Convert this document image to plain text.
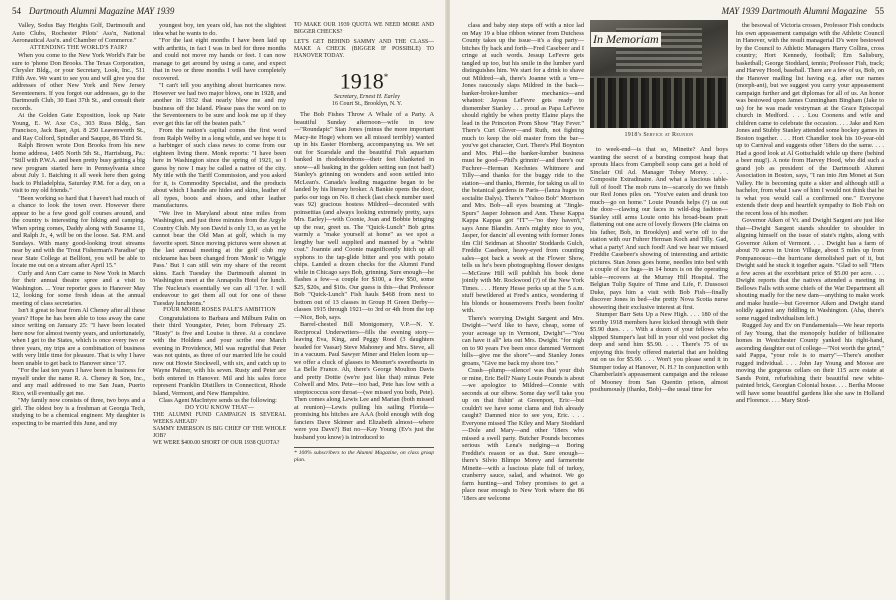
54 Dartmouth Alumni Magazine MAY 1939

Valley, Sodus Bay Heights Golf, Dartmouth and Auto Clubs, Rochester Pilots' Ass'n, National Aeronautical Ass'n. and Chamber of Commerce."

ATTENDING THE WORLD'S FAIR?

When you come to the New York World's Fair be sure to 'phone Don Brooks. The Texas Corporation, Chrysler Bldg., or your Secretary, Look, Inc., 511 Fifth Ave. We want to see you and will give you the addresses of other New York and New Jersey Seventeeners. If you forgot our addresses, go to the Dartmouth Club, 30 East 37th St., and consult their records.

At the Golden Gate Exposition, look up Nate Young, E. W. Axe Co., 303 Russ Bldg., San Francisco, Jack Baer, Apt. 8 250 Leavenworth St., and Ray Colford, Spindler and Sauppe, 86 Third St.

Ralph Brown wrote Don Brooks from his new home address, 1405 North 5th St., Harrisburg, Pa.: "Still with P.W.A. and been pretty busy getting a big new program started here in Pennsylvania since about July 1. Batching it all week here then going back to Philadelphia, Saturday P.M. for a day, on a visit to my old friends."

"Been working so hard that I haven't had much of a chance to look the town over. However there appear to be a few good golf courses around, and the country is interesting for hiking and camping. When spring comes, Daddy along with Susanne 11, and Ralph Jr., 4, will be on the loose. Sat. P.M. and Sundays. With many good-looking trout streams near by and with the 'Trout Fisherman's Paradise' up near State College at Bellfont, you will be able to locate me out on a stream after April 15."

Curly and Ann Carr came to New York in March for their annual theatre spree and a visit to Washington. ... Your reporter goes to Hanover May 12, looking for some fresh ideas at the annual meeting of class secretaries.

Isn't it great to hear from Al Cheney after all these years? Hope he has been able to toss away the cane since writing on January 25: "I have been located here now for almost twenty years, and unfortunately, when I get to the States, which is once every two or three years, my trips are a combination of business with very little time for pleasure. That is why I have been unable to get back to Hanover since '17.

"For the last ten years I have been in business for myself under the name R. A. Cheney & Son, Inc., and any mail addressed to me San Juan, Puerto Rico, will eventually get me.

"My family now consists of three, two boys and a girl. The oldest boy is a freshman at Georgia Tech, studying to be a chemical engineer. My daughter is expecting to be married this June, and my

youngest boy, ten years old, has not the slightest idea what he wants to do.

"For the last eight months I have been laid up with arthritis, in fact I was in bed for three months and could not move my hands or feet. I can now manage to get around by using a cane, and expect that in two or three months I will have completely recovered.

"I can't tell you anything about hurricanes now. However we had two major blows, one in 1928, and another in 1932 that nearly blew me and my business off the Island. Please pass the word on to the Seventeeners to be sure and look me up if they ever get this far off the beaten path."

From the nation's capital comes the first word from Ralph Welby in a long while, and we hope it is a harbinger of such class news to come from our eighteen living there. Monk reports: "I have been here in Washington since the spring of 1921, so I guess by now I may be called a native of the city. My title with the Tariff Commission, and you asked for it, is Commodity Specialist, and the products about which I handle are hides and skins, leather of all types, boots and shoes, and other leather manufactures.

"We live in Maryland about nine miles from Washington, and just three minutes from the Argyle Country Club. My son David is only 13, so as yet he cannot bear the Old Man at golf, which is my favorite sport. Since moving pictures were shown at the last annual meeting at the golf club my nickname has been changed from 'Monk' to 'Wiggle Pass.' But I can still win my share of the recent skins. Each Tuesday the Dartmouth alumni in Washington meet at the Annapolis Hotel for lunch. The Nucleus's essentially we can all '17er. I will endeavour to get them all out for one of these Tuesday luncheons."

FOUR MORE ROSES PALE'S AMBITION

Congratulations to Barbara and Milburn Palin on their third Youngster, Peter, born February 25. "Rusty" is five and Louise is three. At a conclave with the Holdens and your scribe one March evening in Providence, Mil was regretful that Peter was not quints, as three of our married life he could now out Howie Stockwell, with six, and catch up to Wayne Palmer, with his seven. Rusty and Peter are both entered in Hanover. Mil and his sales force represent Franklin Distillers in Connecticut, Rhode Island, Vermont, and New Hampshire.

Class Agent MacIntyre sends us the following:

DO YOU KNOW THAT—

THE ALUMNI FUND CAMPAIGN IS SEVERAL WEEKS AHEAD?

SAMMY EMERSON IS BIG CHIEF OF THE WHOLE JOB?

WE WERE $400.00 SHORT OF OUR 1938 QUOTA?

TO MAKE OUR 1939 QUOTA WE NEED MORE AND BIGGER CHECKS?

LET'S GET BEHIND SAMMY AND THE CLASS—MAKE A CHECK (BIGGER IF POSSIBLE) TO HANOVER TODAY.

1918*

Secretary, Ernest H. Earley
16 Court St., Brooklyn, N. Y.

The Bob Fishes Throw A Whale of a Party. A beautiful Sunday afternoon—wife in tow—"Roundapic" Stan Jones (minus the more important Macy-ite Hoge) whom we all missed terribly) wanted up in his Easter Hornberg, accompanying us. We set out for Scarsdale and the beautiful Fish aquarium banked in rhododendrons—their feet blanketed in snow—all basking in the golden setting sun (not bad!) Stanley's grinning on wonders and soon settled into McLean's. Canada's leading magazine began to be landed by his literary broker. A Bankie opens the door, parks our togs on No. 8 check (last check number used was 92) gracious hostess Mildred—decorated with poinsettias (and always looking extremely pretty, says Mrs. Earley)—with Coonie, Joan and Bobbie bringing up the rear, greet us. The "Quick-Lunch" Bob grins warmly a "make yourself at home" as we spot a lengthy bar well supplied and manned by a "white coat." Joannie and Coonie magnificently hitch up all syphons to the tap-glide bitter and you with potato chips. Landed a dozen checks for the Alumni Fund while in Chicago says Bob, grinning. Sure enough—he flashes a few—a couple for $100, a few $50, some $25, $20s, and $10s. Our guess is this—that Professor Bob "Quick-Lunch" Fish hauls $468 from next to bottom out of 13 classes in Group H Green Derby—classes 1915 through 1921—to 3rd or 4th from the top—Nice, Bob, says.

Barrel-chested Bill Montgomery, V.P.—N. Y. Reciprocal Underwriters—fills the evening story—leaving Eva, King, and Peggy Rood (3 daughters headed for Vassar) Steve Mahoney and Mrs. Steve, all in a vacuum. Paul Sawyer Miner and Helen loom up—we offer a cluck of glasses to Mesmer's sweethearts in La Belle France. Ah, there's George Moulton Davis and pretty Dottie (we're just like that) minus Pete Colwell and Mrs. Pete—too bad, Pete has low with a streptococcus sore throat—(we missed you both, Pete). Then comes along Lewis Lee and Marian (both missed at reunion)—Lewis pulling his sailing Florida—promising his hitches are AAA (bold enough with dog fanciers Dave Skinner and Elizabeth almost—where were you Dave?) But no—Kay Young (Ev's just the husband you know) is introduced to

* 100% subscribers to the Alumni Magazine, on class group plan.
MAY 1939 Dartmouth Alumni Magazine 55

class and baby step steps off with a nice lad on May 19 a blue ribbon winner from Dutchess County takes up the issue—it's a dog party—bitches fly back and forth—Fred Casebeer and I cringe at such words. Jessup LeFevre gets tangled up too, but his smile in the lumber yard distinguishes him. We start for a drink to shave out Mildred—ah, there's Joanne with a 'em—Jones raucously slaps Mildred in the back—banker-broker-lumber mechanics—and whatnot: Jaysus LeFevre gets ready to dismember Stanley . . . proud as Papa LeFevre should rightly be when pretty Elaine plays the lead in the Princeton Prom Show "Hay Fever." There's Curt Glover—and Ruth, not fighting much to keep the old master from the bar—you've got character, Curt. There's Phil Boynton and Mrs. Phil—the banker-lumber business must be good—Phil's grinnin'—and there's our Fuchrer—Herman Kechnies Whitmore and Tilly—and thanks for the buggy ride to the station—and thanks, Hermie, for taking us all to the botanical gardens in Paris—(lanza huges to socialite Dalys). There's "Yahoo Bob" Morrison and Mrs. Bob—all eyes beaming at "Jingle-Spurs" Jasper Johnson and Ann. These Kappa Kappa Kappas got "IT"—"no they haven't," says Anne Blandin. Ann's mighty nice to you, Jasper, for dancin' all evening with former Jones ilm Clif Seidman at Shootin' Stoddards Gulch, Freddie Casebeer, heavy-eyed from counting sales—got back a week at the Flower Show, tells us he's been photographing flower designs—McGraw Hill will publish his book done jointly with Mr. Rockwood (?) of the New York Times. . . . Henry Hesse perks up at the 5 a.m. stuff bewildered at Fred's antics, wondering if his blonds or housemovers Fred's been foolin' with.

There's worrying Dwight Sargent and Mrs. Dwight—"we'd like to have, cheap, some of your acreage up in Vermont, Dwight"—"You can have it all" lets out Mrs. Dwight. "for nigh on to 90 years I've been once dammed Vermont hills—give me the shore"—and Stanley Jones groans, "Give me back my shore too."

Crash—plump—silence! was that your dish or mine, Eric Bell? Nasty Louie Pounds is about—we apologize to Mildred—Connie with seconds at our elbow. Some day we'll take you up on that fishin' at Greenport, Eric—but couldn't we have some clams and fish already caught? Damned nice to see you, Eric. . . . Everyone missed The Kiley and Mary Stoddard—Dole and Mary—and other '18ers who missed a swell party. Butcher Pounds becomes serious with Lena's nudging—a Boring Freddie's reason or as that. Sure enough—there's Silvio Blimpo Morey and farmerette Minette—with a luscious plate full of turkey, cranberry sauce, salad, and whatnot. We go farm hunting—and Tobey promises to get a place near enough to New York where the 86 '18ers are welcome

1918's Service at Reunion

to week-end—is that so, Minette? And boys wanting the secret of a bursting compost heap that sprouts lilacs from Campbell soup cans get a hold of Sinclair Oil Ad. Manager Tobey Morey. . . . Composite Extradinaire. And what a luscious table-full of food! The mob runs in—scarcely do we finish our Red Jones piles on. "You've eaten and drunk too much—go on home." Louie Pounds helps (?) us out the door—clawing our faces in wild-dog fashion—Stanley still arms Louie onto his broad-beam pratt flattening out one acre of lovely flowers (He claims on his father, Bob, in Brooklyn) and we're off to the station with our Fuhrer Herman Koch and Tilly. Gad, what a party! And such food! And we hear we missed Freddie Casebeer's showing of interesting and artistic pictures. Stan Jones goes home, needles into bed with a couple of ice bags—in 14 hours is on the operating table—recovers at the Murray Hill Hospital. The Belgian Tulip Squire of Time and Life, F. Dussosoi Duke, pays him a visit with Bob Fish—finally discover Jones in bed—the pretty Nova Scotia nurse showering their exclusive interest at first.

Stumper Barr Sets Up a New High. . . . 180 of the worthy 1918 members have kicked through with their $5.90 dues. . . . With a dozen of your fellows who slipped Stumper's last bill in your old vest pocket dig deep and send him $5.90. . . . There's 75 of us enjoying this freely offered material that are holding out on us for $5.90. . . . Won't you please send it in Stumper today at Hanover, N. H.? In conjunction with Chamberlain's appeasement campaign and the release of Mooney from San Quentin prison, almost posthumously (thanks, Bob)—the usual time for

the besowal of Victoria crosses, Professor Fish conducts his own appeasement campaign with the Athletic Council in Hanover, with the result managerial D's were bestowed by the Council to Athletic Managers Harry Collins, cross country; Hort Kennedy, football; Em Salisbury, basketball; George Stoddard, tennis; Professor Fish, track; and Harvey Hood, baseball. There are a few of us, Bob, on the Hanover mailing list having e.g. after our names (morph-ant), but we suggest you carry your appeasement campaign further and get diplomas for all of us. An honor was bestowed upon James Cunningham Bingham (Jake to us) for he was made vestryman at the Grace Episcopal church in Medford. . . . Lou Coonens and wife and children came to celebrate the occasion. . . . Jake and Ken Jones and Stubby Stanley attended some hockey games in Boston together. . . . Hort Chandler took his 10-year-old up to Carnival and suggests other '18ers do the same. . . . Had a good look at Al Gottschaldt while up there (behind a beer mug!). A note from Harvey Hood, who did such a grand job as president of the Dartmouth Alumni Association in Boston, says, "I ran into Jim Monet at Sun Valley. He is becoming quite a skier and although still a bachelor, from what I saw of him I would not think that he is what you would call a confirmed one." Everyone extends their deep and heartfelt sympathy to Bob Fish on the recent loss of his mother.

Governor Aiken of Vt. and Dwight Sargent are just like that—Dwight Sargent stands shoulder to shoulder in aligning himself on the issue of state's rights, along with Governor Aiken of Vermont. . . . Dwight has a farm of about 70 acres in Union Village, about 5 miles up from Pompanoosuc—the hurricane demolished part of it, but Dwight said he stuck it together again. "Glad to sell "Hers a few acres at the exorbitant price of $5.00 per acre. . . . Dwight reports that the natives attended a meeting in Bellows Falls with some chiefs of the War Department all shouting madly for the new dam—anything to make work and make hustle—but Governor Aiken and Dwight stand solidly against any fiddling in Washington. (Aha, there's some rugged individualism left.)

Rugged Jay and Ev on Fundamentals—We hear reports of Jay Young, that the monopoly builder of billionaire homes in Westchester County yanked his right-hand, ascending daughter out of college—"Not worth the grind," said Pappa, "your role is to marry"—There's another rugged individual. . . . John Jay Young and Moose are moving the gorgeous cellars on their 115 acre estate at Sands Point, refurbishing their beautiful new white-painted brick, Georgian Colonial house. . . . Bertha Moose will have some beautiful gardens like she saw in Holland and Florence. . . . Mary Stod-

In Memoriam
